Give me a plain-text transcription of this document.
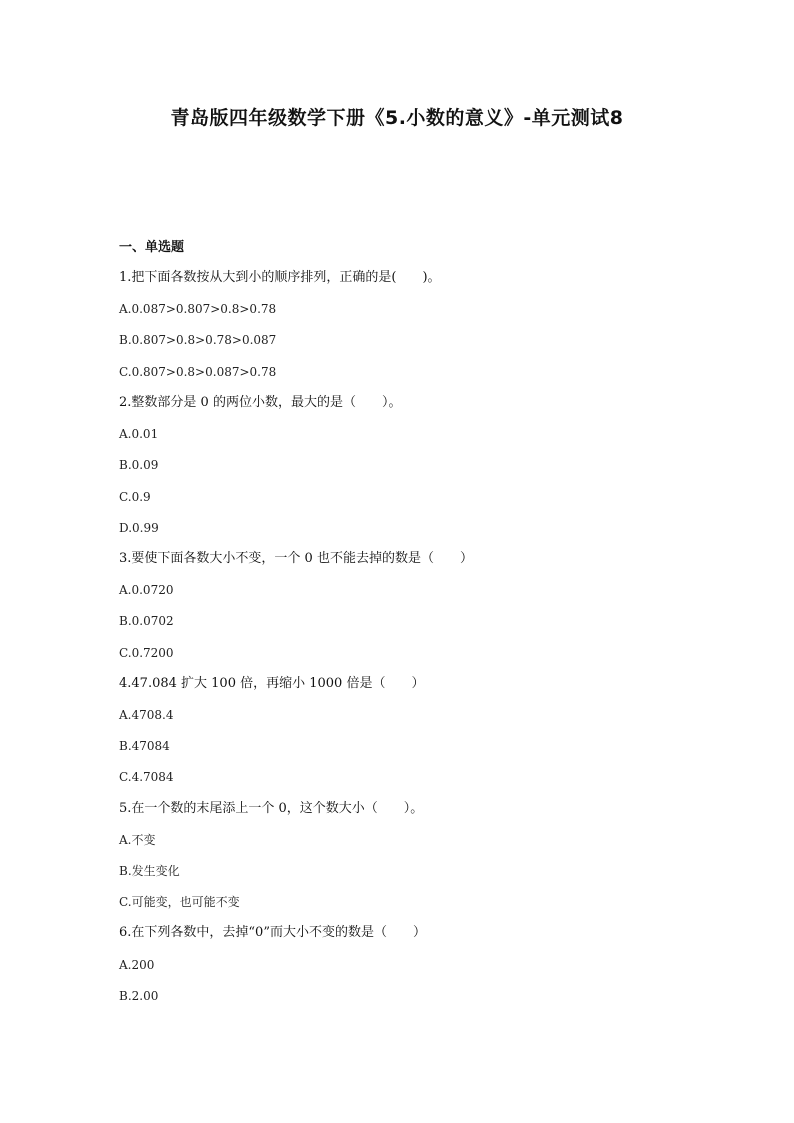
青岛版四年级数学下册《5.小数的意义》-单元测试8
一、单选题
1.把下面各数按从大到小的顺序排列，正确的是(　　)。
A.0.087>0.807>0.8>0.78
B.0.807>0.8>0.78>0.087
C.0.807>0.8>0.087>0.78
2.整数部分是 0 的两位小数，最大的是（　　）。
A.0.01
B.0.09
C.0.9
D.0.99
3.要使下面各数大小不变，一个 0 也不能去掉的数是（　　）
A.0.0720
B.0.0702
C.0.7200
4.47.084 扩大 100 倍，再缩小 1000 倍是（　　）
A.4708.4
B.47084
C.4.7084
5.在一个数的末尾添上一个 0，这个数大小（　　）。
A.不变
B.发生变化
C.可能变，也可能不变
6.在下列各数中，去掉“0”而大小不变的数是（　　）
A.200
B.2.00
